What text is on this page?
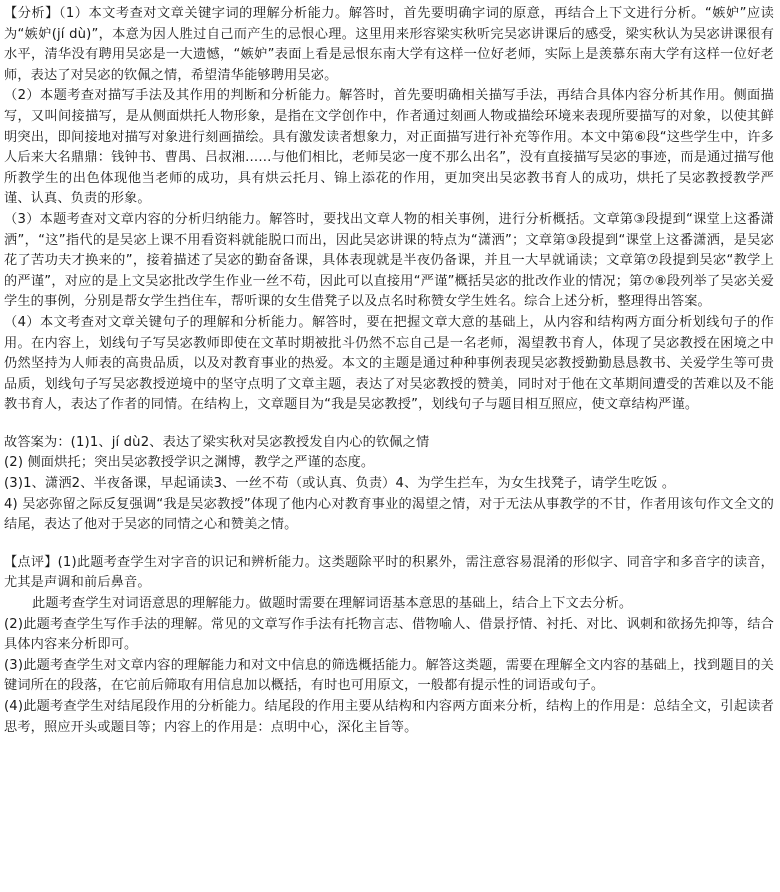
【分析】（1）本文考查对文章关键字词的理解分析能力。解答时，首先要明确字词的原意，再结合上下文进行分析。“嫉妒”应读为“嫉妒(jí dù)”，本意为因人胜过自己而产生的忌恨心理。这里用来形容梁实秋听完吴宓讲课后的感受，梁实秋认为吴宓讲课很有水平，清华没有聘用吴宓是一大遗憾，“嫉妒”表面上看是忌恨东南大学有这样一位好老师，实际上是羡慕东南大学有这样一位好老师，表达了对吴宓的钦佩之情，希望清华能够聘用吴宓。

（2）本题考查对描写手法及其作用的判断和分析能力。解答时，首先要明确相关描写手法，再结合具体内容分析其作用。侧面描写，又叫间接描写，是从侧面烘托人物形象，是指在文学创作中，作者通过刻画人物或描绘环境来表现所要描写的对象，以使其鲜明突出，即间接地对描写对象进行刻画描绘。具有激发读者想象力，对正面描写进行补充等作用。本文中第⑥段“这些学生中，许多人后来大名鼎鼎：钱钟书、曹禺、吕叔湘……与他们相比，老师吴宓一度不那么出名”，没有直接描写吴宓的事迹，而是通过描写他所教学生的出色体现他当老师的成功，具有烘云托月、锦上添花的作用，更加突出吴宓教书育人的成功，烘托了吴宓教授教学严谨、认真、负责的形象。

（3）本题考查对文章内容的分析归纳能力。解答时，要找出文章人物的相关事例，进行分析概括。文章第③段提到“课堂上这番潇洒”，“这”指代的是吴宓上课不用看资料就能脱口而出，因此吴宓讲课的特点为“潇洒”；文章第③段提到“课堂上这番潇洒，是吴宓花了苦功夫才换来的”，接着描述了吴宓的勤奋备课，具体表现就是半夜仍备课，并且一大早就诵读；文章第⑦段提到吴宓“教学上的严谨”，对应的是上文吴宓批改学生作业一丝不苟，因此可以直接用“严谨”概括吴宓的批改作业的情况；第⑦⑧段列举了吴宓关爱学生的事例，分别是帮女学生挡住车，帮听课的女生借凳子以及点名时称赞女学生姓名。综合上述分析，整理得出答案。

（4）本文考查对文章关键句子的理解和分析能力。解答时，要在把握文章大意的基础上，从内容和结构两方面分析划线句子的作用。在内容上，划线句子写吴宓教师即使在文革时期被批斗仍然不忘自己是一名老师，渴望教书育人，体现了吴宓教授在困境之中仍然坚持为人师表的高贵品质，以及对教育事业的热爱。本文的主题是通过种种事例表现吴宓教授勤勤恳恳教书、关爱学生等可贵品质，划线句子写吴宓教授逆境中的坚守点明了文章主题，表达了对吴宓教授的赞美，同时对于他在文革期间遭受的苦难以及不能教书育人，表达了作者的同情。在结构上，文章题目为“我是吴宓教授”，划线句子与题目相互照应，使文章结构严谨。

故答案为：(1)1、jí dù2、表达了梁实秋对吴宓教授发自内心的钦佩之情

(2) 侧面烘托；突出吴宓教授学识之渊博，教学之严谨的态度。

(3)1、潇洒2、半夜备课，早起诵读3、一丝不苟（或认真、负责）4、为学生拦车，为女生找凳子，请学生吃饭 。

4) 吴宓弥留之际反复强调“我是吴宓教授”体现了他内心对教育事业的渴望之情，对于无法从事教学的不甘，作者用该句作文全文的结尾，表达了他对于吴宓的同情之心和赞美之情。

【点评】(1)此题考查学生对字音的识记和辨析能力。这类题除平时的积累外，需注意容易混淆的形似字、同音字和多音字的读音，尤其是声调和前后鼻音。

此题考查学生对词语意思的理解能力。做题时需要在理解词语基本意思的基础上，结合上下文去分析。

(2)此题考查学生写作手法的理解。常见的文章写作手法有托物言志、借物喻人、借景抒情、衬托、对比、讽刺和欲扬先抑等，结合具体内容来分析即可。

(3)此题考查学生对文章内容的理解能力和对文中信息的筛选概括能力。解答这类题，需要在理解全文内容的基础上，找到题目的关键词所在的段落，在它前后筛取有用信息加以概括，有时也可用原文，一般都有提示性的词语或句子。

(4)此题考查学生对结尾段作用的分析能力。结尾段的作用主要从结构和内容两方面来分析，结构上的作用是：总结全文，引起读者思考，照应开头或题目等；内容上的作用是：点明中心，深化主旨等。
